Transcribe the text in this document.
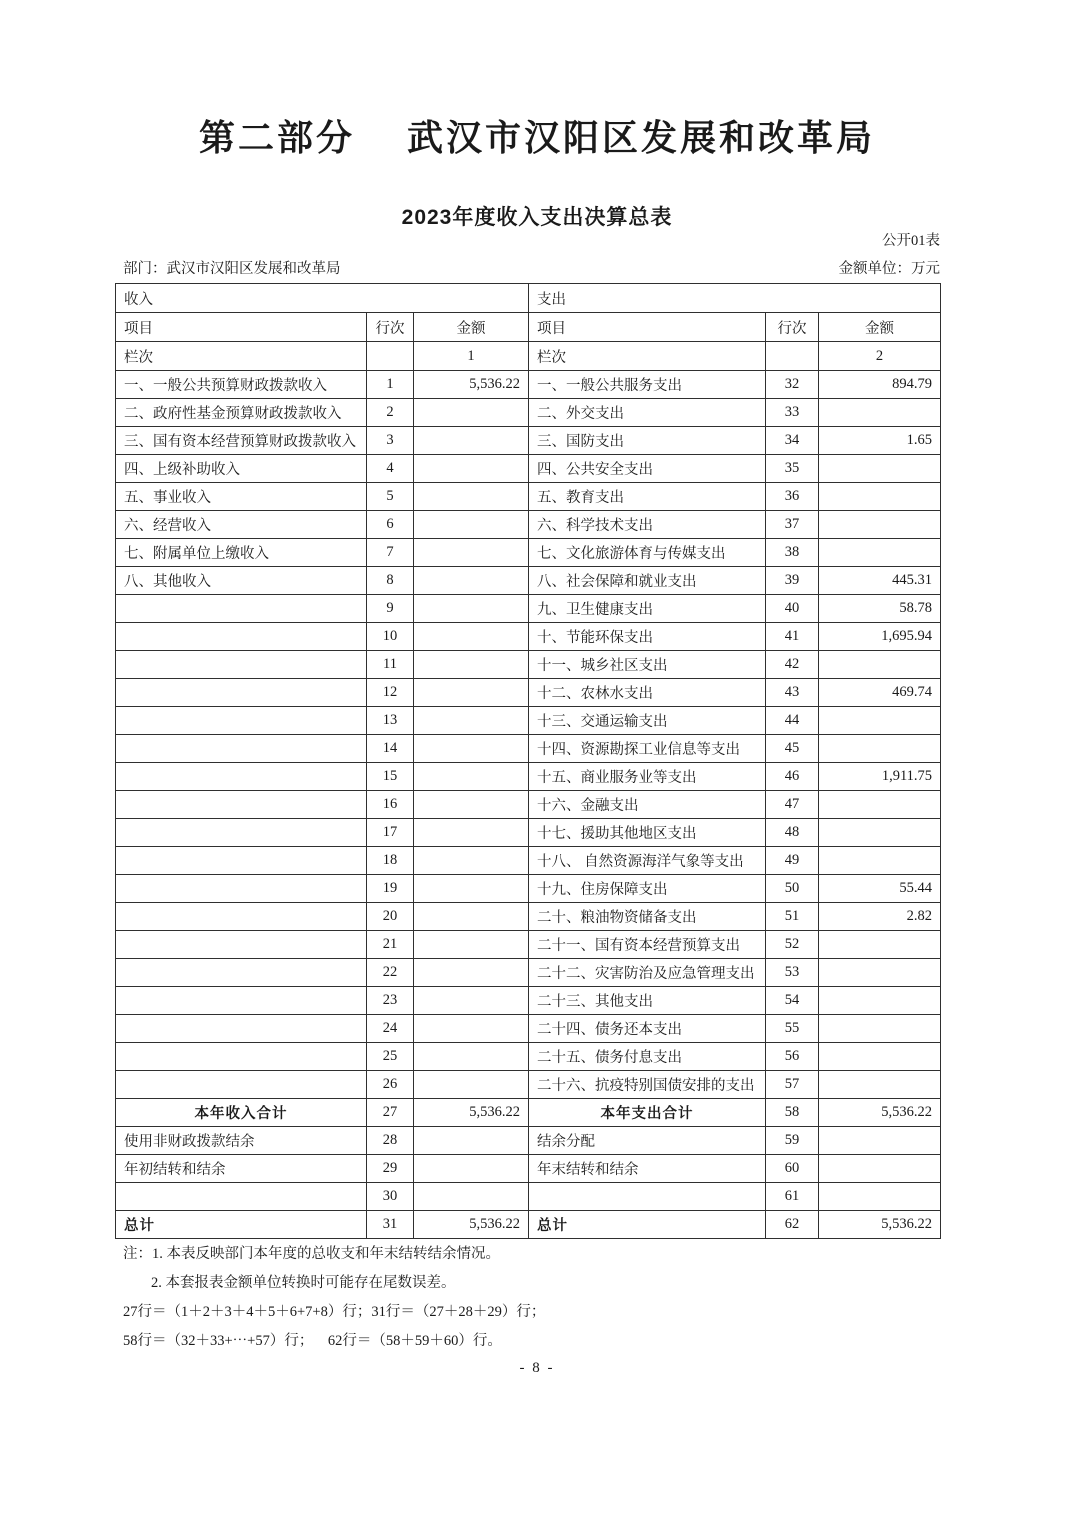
第二部分　 武汉市汉阳区发展和改革局
2023年度收入支出决算总表
公开01表
部门：武汉市汉阳区发展和改革局	金额单位：万元
收入			支出		
项目	行次	金额	项目	行次	金额
栏次		1	栏次		2
一、一般公共预算财政拨款收入	1	5,536.22	一、一般公共服务支出	32	894.79
二、政府性基金预算财政拨款收入	2		二、外交支出	33	
三、国有资本经营预算财政拨款收入	3		三、国防支出	34	1.65
四、上级补助收入	4		四、公共安全支出	35	
五、事业收入	5		五、教育支出	36	
六、经营收入	6		六、科学技术支出	37	
七、附属单位上缴收入	7		七、文化旅游体育与传媒支出	38	
八、其他收入	8		八、社会保障和就业支出	39	445.31
	9		九、卫生健康支出	40	58.78
	10		十、节能环保支出	41	1,695.94
	11		十一、城乡社区支出	42	
	12		十二、农林水支出	43	469.74
	13		十三、交通运输支出	44	
	14		十四、资源勘探工业信息等支出	45	
	15		十五、商业服务业等支出	46	1,911.75
	16		十六、金融支出	47	
	17		十七、援助其他地区支出	48	
	18		十八、 自然资源海洋气象等支出	49	
	19		十九、住房保障支出	50	55.44
	20		二十、粮油物资储备支出	51	2.82
	21		二十一、国有资本经营预算支出	52	
	22		二十二、灾害防治及应急管理支出	53	
	23		二十三、其他支出	54	
	24		二十四、债务还本支出	55	
	25		二十五、债务付息支出	56	
	26		二十六、抗疫特别国债安排的支出	57	
本年收入合计	27	5,536.22	本年支出合计	58	5,536.22
使用非财政拨款结余	28		结余分配	59	
年初结转和结余	29		年末结转和结余	60	
	30			61	
总计	31	5,536.22	总计	62	5,536.22
注：1. 本表反映部门本年度的总收支和年末结转结余情况。
2. 本套报表金额单位转换时可能存在尾数误差。
27行＝（1＋2＋3＋4＋5＋6+7+8）行；31行＝（27＋28＋29）行；
58行＝（32＋33+⋯+57）行；    62行＝（58＋59＋60）行。
- 8 -
